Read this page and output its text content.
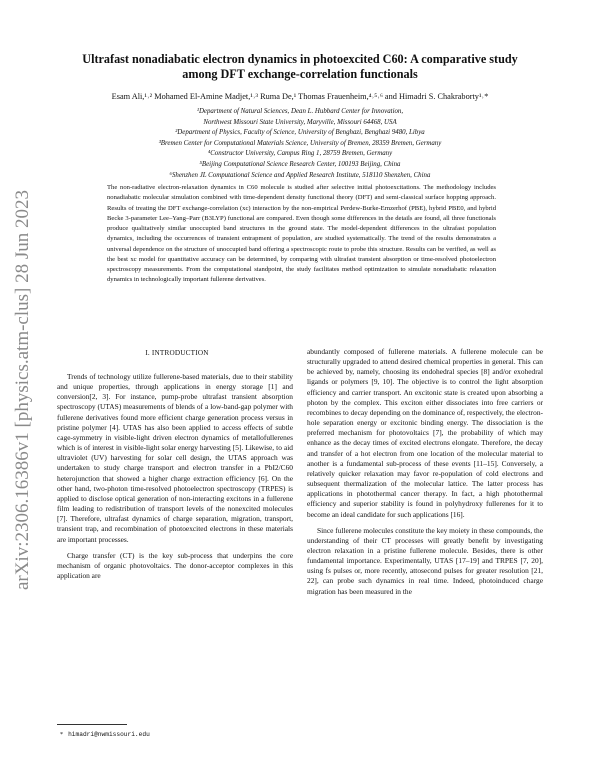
arXiv:2306.16386v1 [physics.atm-clus] 28 Jun 2023
Ultrafast nonadiabatic electron dynamics in photoexcited C60: A comparative study
among DFT exchange-correlation functionals
Esam Ali,¹˒² Mohamed El-Amine Madjet,¹˒³ Ruma De,¹ Thomas Frauenheim,⁴˒⁵˒⁶ and Himadri S. Chakraborty¹˒*
¹Department of Natural Sciences, Dean L. Hubbard Center for Innovation,
Northwest Missouri State University, Maryville, Missouri 64468, USA
²Department of Physics, Faculty of Science, University of Benghazi, Benghazi 9480, Libya
³Bremen Center for Computational Materials Science, University of Bremen, 28359 Bremen, Germany
⁴Constructor University, Campus Ring 1, 28759 Bremen, Germany
⁵Beijing Computational Science Research Center, 100193 Beijing, China
⁶Shenzhen JL Computational Science and Applied Research Institute, 518110 Shenzhen, China
The non-radiative electron-relaxation dynamics in C60 molecule is studied after selective initial photoexcitations. The methodology includes nonadiabatic molecular simulation combined with time-dependent density functional theory (DFT) and semi-classical surface hopping approach. Results of treating the DFT exchange-correlation (xc) interaction by the non-empirical Perdew-Burke-Ernzerhof (PBE), hybrid PBE0, and hybrid Becke 3-parameter Lee–Yang–Parr (B3LYP) functional are compared. Even though some differences in the details are found, all three functionals produce qualitatively similar unoccupied band structures in the ground state. The model-dependent differences in the ultrafast population dynamics, including the occurrences of transient entrapment of population, are studied systematically. The trend of the results demonstrates a universal dependence on the structure of unoccupied band offering a spectroscopic route to probe this structure. Results can be verified, as well as the best xc model for quantitative accuracy can be determined, by comparing with ultrafast transient absorption or time-resolved photoelectron spectroscopy measurements. From the computational standpoint, the study facilitates method optimization to simulate nonadiabatic relaxation dynamics in technologically important fullerene derivatives.
I. INTRODUCTION

Trends of technology utilize fullerene-based materials, due to their stability and unique properties, through applications in energy storage [1] and conversion[2, 3]. For instance, pump-probe ultrafast transient absorption spectroscopy (UTAS) measurements of blends of a low-band-gap polymer with fullerene derivatives found more efficient charge generation process versus in pristine polymer [4]. UTAS has also been applied to access effects of subtle cage-symmetry in visible-light driven electron dynamics of metallofullerenes which is of interest in visible-light solar energy harvesting [5]. Likewise, to aid ultraviolet (UV) harvesting for solar cell design, the UTAS approach was undertaken to study charge transport and electron transfer in a PbI2/C60 heterojunction that showed a higher charge extraction efficiency [6]. On the other hand, two-photon time-resolved photoelectron spectroscopy (TRPES) is applied to disclose optical generation of non-interacting excitons in a fullerene film leading to redistribution of transport levels of the nonexcited molecules [7]. Therefore, ultrafast dynamics of charge separation, migration, transport, transient trap, and recombination of photoexcited electrons in these materials are important processes.

Charge transfer (CT) is the key sub-process that underpins the core mechanism of organic photovoltaics. The donor-acceptor complexes in this application are

abundantly composed of fullerene materials. A fullerene molecule can be structurally upgraded to attend desired chemical properties in general. This can be achieved by, namely, choosing its endohedral species [8] and/or exohedral ligands or polymers [9, 10]. The objective is to control the light absorption efficiency and carrier transport. An excitonic state is created upon absorbing a photon by the complex. This exciton either dissociates into free carriers or recombines to decay depending on the dominance of, respectively, the electron-hole separation energy or excitonic binding energy. The dissociation is the preferred mechanism for photovoltaics [7], the probability of which may enhance as the decay times of excited electrons elongate. Therefore, the decay and transfer of a hot electron from one location of the molecular material to another is a fundamental sub-process of these events [11–15]. Conversely, a relatively quicker relaxation may favor re-population of cold electrons and subsequent thermalization of the molecular lattice. The latter process has applications in photothermal cancer therapy. In fact, a high photothermal efficiency and superior stability is found in polyhydroxy fullerenes for it to become an ideal candidate for such applications [16].

Since fullerene molecules constitute the key moiety in these compounds, the understanding of their CT processes will greatly benefit by investigating electron relaxation in a pristine fullerene molecule. Besides, there is other fundamental importance. Experimentally, UTAS [17–19] and TRPES [7, 20], using fs pulses or, more recently, attosecond pulses for greater resolution [21, 22], can probe such dynamics in real time. Indeed, photoinduced charge migration has been measured in the

* himadri@nwmissouri.edu
